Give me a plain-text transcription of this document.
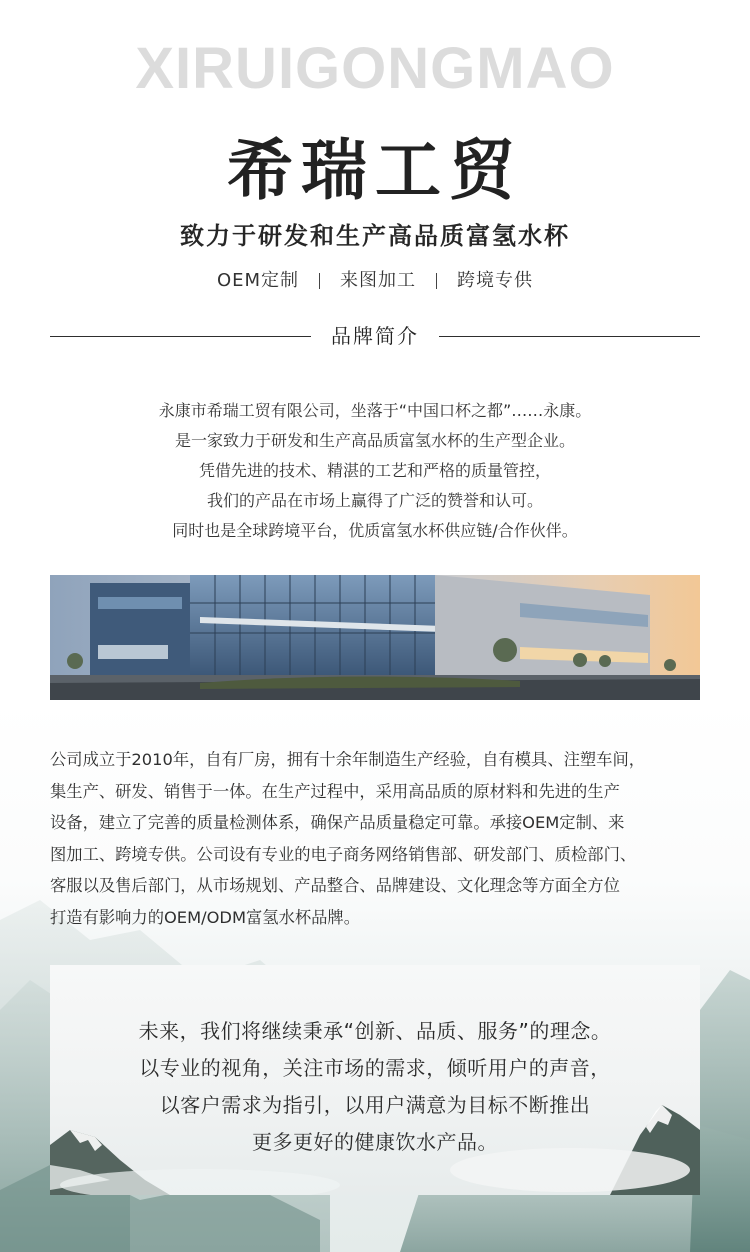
XIRUIGONGMAO
希瑞工贸
致力于研发和生产高品质富氢水杯
OEM定制 来图加工 跨境专供
品牌简介
永康市希瑞工贸有限公司，坐落于“中国口杯之都”……永康。
是一家致力于研发和生产高品质富氢水杯的生产型企业。
凭借先进的技术、精湛的工艺和严格的质量管控，
我们的产品在市场上赢得了广泛的赞誉和认可。
同时也是全球跨境平台，优质富氢水杯供应链/合作伙伴。
公司成立于2010年，自有厂房，拥有十余年制造生产经验，自有模具、注塑车间，
集生产、研发、销售于一体。在生产过程中，采用高品质的原材料和先进的生产
设备，建立了完善的质量检测体系，确保产品质量稳定可靠。承接OEM定制、来
图加工、跨境专供。公司设有专业的电子商务网络销售部、研发部门、质检部门、
客服以及售后部门，从市场规划、产品整合、品牌建设、文化理念等方面全方位
打造有影响力的OEM/ODM富氢水杯品牌。
未来，我们将继续秉承“创新、品质、服务”的理念。
以专业的视角，关注市场的需求，倾听用户的声音，
以客户需求为指引，以用户满意为目标不断推出
更多更好的健康饮水产品。
